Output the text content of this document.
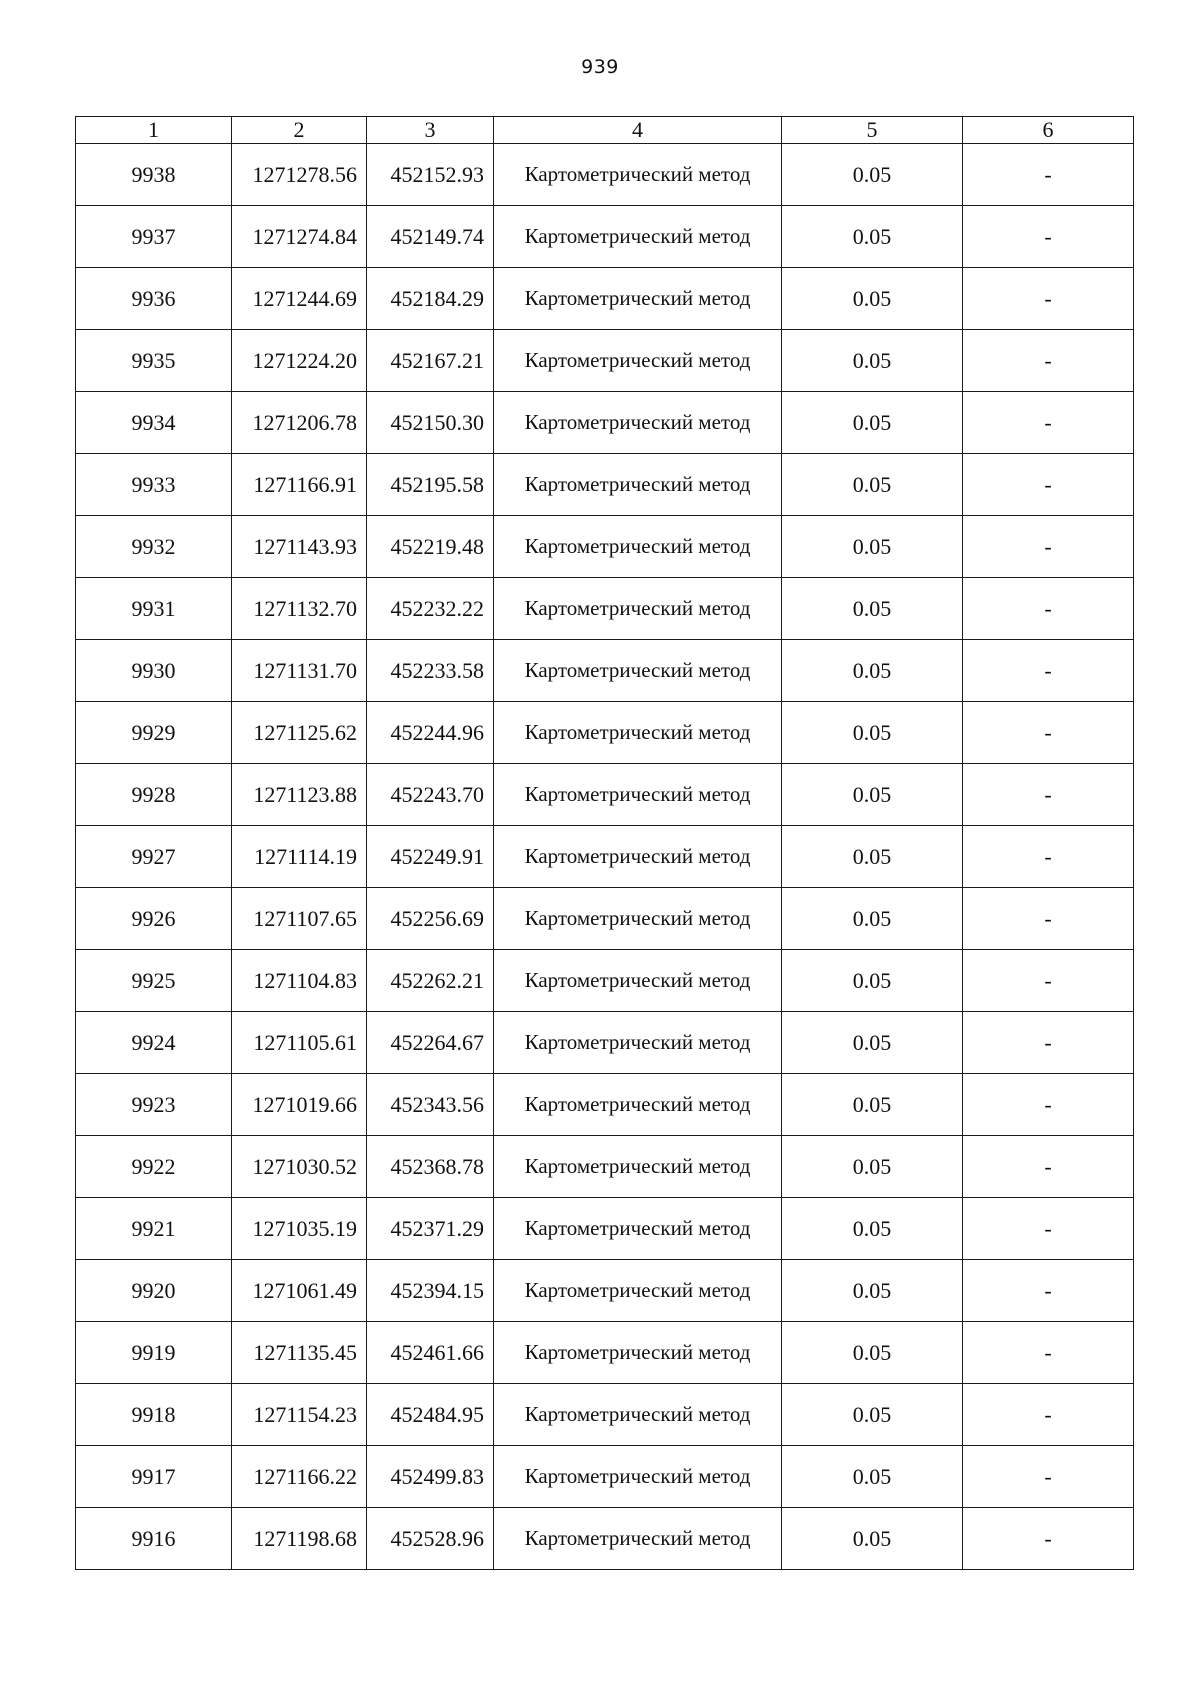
939
1	2	3	4	5	6
9938	1271278.56	452152.93	Картометрический метод	0.05	-
9937	1271274.84	452149.74	Картометрический метод	0.05	-
9936	1271244.69	452184.29	Картометрический метод	0.05	-
9935	1271224.20	452167.21	Картометрический метод	0.05	-
9934	1271206.78	452150.30	Картометрический метод	0.05	-
9933	1271166.91	452195.58	Картометрический метод	0.05	-
9932	1271143.93	452219.48	Картометрический метод	0.05	-
9931	1271132.70	452232.22	Картометрический метод	0.05	-
9930	1271131.70	452233.58	Картометрический метод	0.05	-
9929	1271125.62	452244.96	Картометрический метод	0.05	-
9928	1271123.88	452243.70	Картометрический метод	0.05	-
9927	1271114.19	452249.91	Картометрический метод	0.05	-
9926	1271107.65	452256.69	Картометрический метод	0.05	-
9925	1271104.83	452262.21	Картометрический метод	0.05	-
9924	1271105.61	452264.67	Картометрический метод	0.05	-
9923	1271019.66	452343.56	Картометрический метод	0.05	-
9922	1271030.52	452368.78	Картометрический метод	0.05	-
9921	1271035.19	452371.29	Картометрический метод	0.05	-
9920	1271061.49	452394.15	Картометрический метод	0.05	-
9919	1271135.45	452461.66	Картометрический метод	0.05	-
9918	1271154.23	452484.95	Картометрический метод	0.05	-
9917	1271166.22	452499.83	Картометрический метод	0.05	-
9916	1271198.68	452528.96	Картометрический метод	0.05	-
